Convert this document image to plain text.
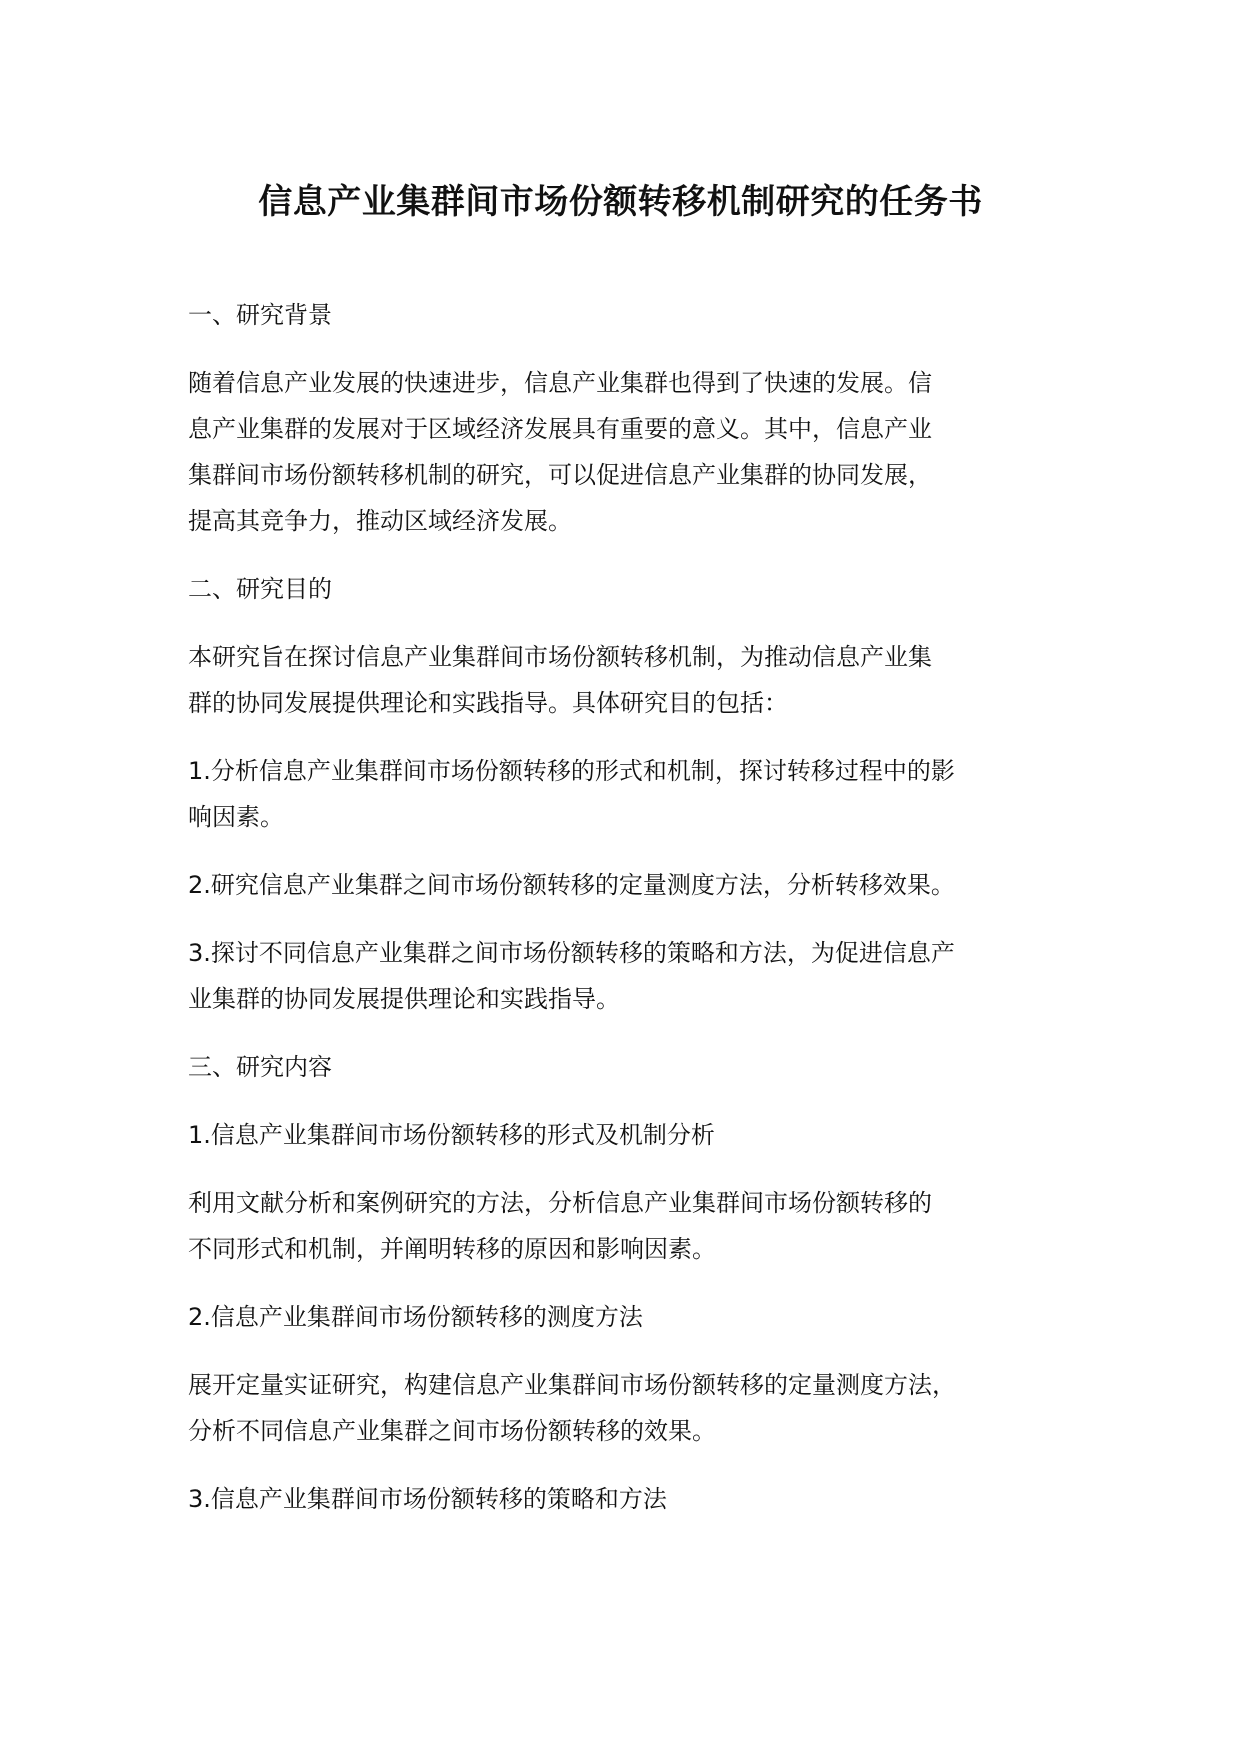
信息产业集群间市场份额转移机制研究的任务书
一、研究背景
随着信息产业发展的快速进步，信息产业集群也得到了快速的发展。信
息产业集群的发展对于区域经济发展具有重要的意义。其中，信息产业
集群间市场份额转移机制的研究，可以促进信息产业集群的协同发展，
提高其竞争力，推动区域经济发展。
二、研究目的
本研究旨在探讨信息产业集群间市场份额转移机制，为推动信息产业集
群的协同发展提供理论和实践指导。具体研究目的包括：
1.分析信息产业集群间市场份额转移的形式和机制，探讨转移过程中的影
响因素。
2.研究信息产业集群之间市场份额转移的定量测度方法，分析转移效果。
3.探讨不同信息产业集群之间市场份额转移的策略和方法，为促进信息产
业集群的协同发展提供理论和实践指导。
三、研究内容
1.信息产业集群间市场份额转移的形式及机制分析
利用文献分析和案例研究的方法，分析信息产业集群间市场份额转移的
不同形式和机制，并阐明转移的原因和影响因素。
2.信息产业集群间市场份额转移的测度方法
展开定量实证研究，构建信息产业集群间市场份额转移的定量测度方法，
分析不同信息产业集群之间市场份额转移的效果。
3.信息产业集群间市场份额转移的策略和方法
